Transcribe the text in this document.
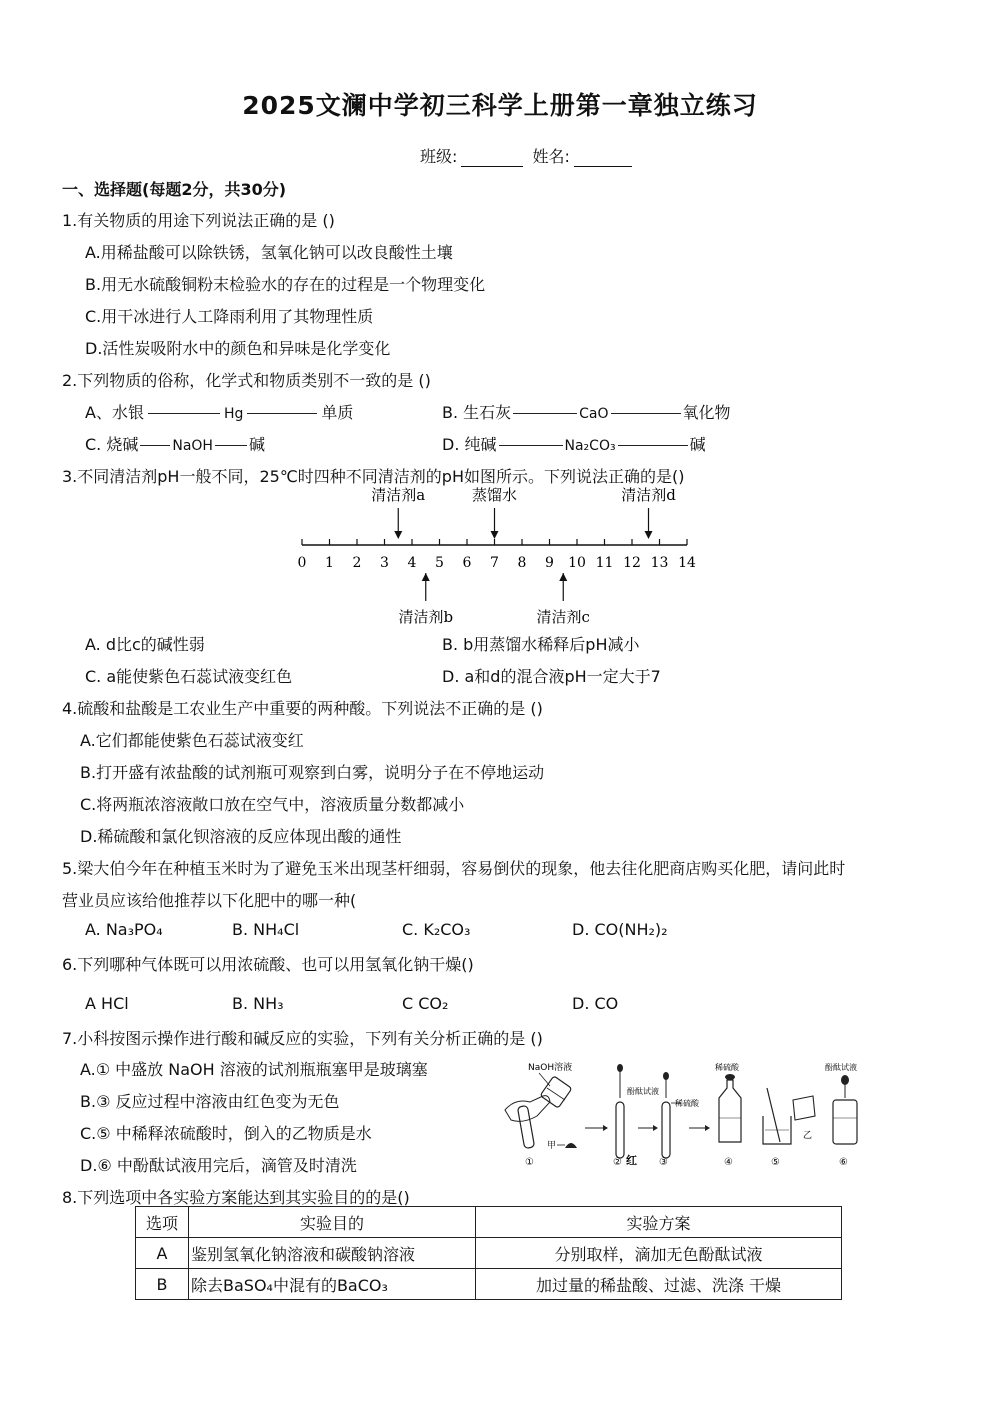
2025文澜中学初三科学上册第一章独立练习
班级:	姓名:
一、选择题(每题2分，共30分)
1.有关物质的用途下列说法正确的是 ()
A.用稀盐酸可以除铁锈，氢氧化钠可以改良酸性土壤
B.用无水硫酸铜粉末检验水的存在的过程是一个物理变化
C.用干冰进行人工降雨利用了其物理性质
D.活性炭吸附水中的颜色和异味是化学变化
2.下列物质的俗称，化学式和物质类别不一致的是 ()
A、水银	Hg	单质	B. 生石灰	CaO	氧化物
C. 烧碱 NaOH 碱	D. 纯碱	Na₂CO₃	碱
3.不同清洁剂pH一般不同，25℃时四种不同清洁剂的pH如图所示。下列说法正确的是()
0 1 2 3 4 5 6 7 8 9 10 11 12 13 14
清洁剂a	蒸馏水	清洁剂d
清洁剂b	清洁剂c
A. d比c的碱性弱	B. b用蒸馏水稀释后pH减小
C. a能使紫色石蕊试液变红色	D. a和d的混合液pH一定大于7
4.硫酸和盐酸是工农业生产中重要的两种酸。下列说法不正确的是 ()
A.它们都能使紫色石蕊试液变红
B.打开盛有浓盐酸的试剂瓶可观察到白雾，说明分子在不停地运动
C.将两瓶浓溶液敞口放在空气中，溶液质量分数都减小
D.稀硫酸和氯化钡溶液的反应体现出酸的通性
5.梁大伯今年在种植玉米时为了避免玉米出现茎杆细弱，容易倒伏的现象，他去往化肥商店购买化肥，请问此时
营业员应该给他推荐以下化肥中的哪一种(
A. Na₃PO₄	B. NH₄Cl	C. K₂CO₃	D. CO(NH₂)₂
6.下列哪种气体既可以用浓硫酸、也可以用氢氧化钠干燥()
A HCl	B. NH₃	C CO₂	D. CO
7.小科按图示操作进行酸和碱反应的实验，下列有关分析正确的是 ()
A.① 中盛放 NaOH 溶液的试剂瓶瓶塞甲是玻璃塞
B.③ 反应过程中溶液由红色变为无色
C.⑤ 中稀释浓硫酸时，倒入的乙物质是水
D.⑥ 中酚酞试液用完后，滴管及时清洗
NaOH溶液
甲
①
酚酞试液
② 红
稀硫酸
③
稀硫酸
④
乙
⑤
酚酞试液
⑥
8.下列选项中各实验方案能达到其实验目的的是()
选项	实验目的	实验方案
A	鉴别氢氧化钠溶液和碳酸钠溶液	分别取样，滴加无色酚酞试液
B	除去BaSO₄中混有的BaCO₃	加过量的稀盐酸、过滤、洗涤 干燥
